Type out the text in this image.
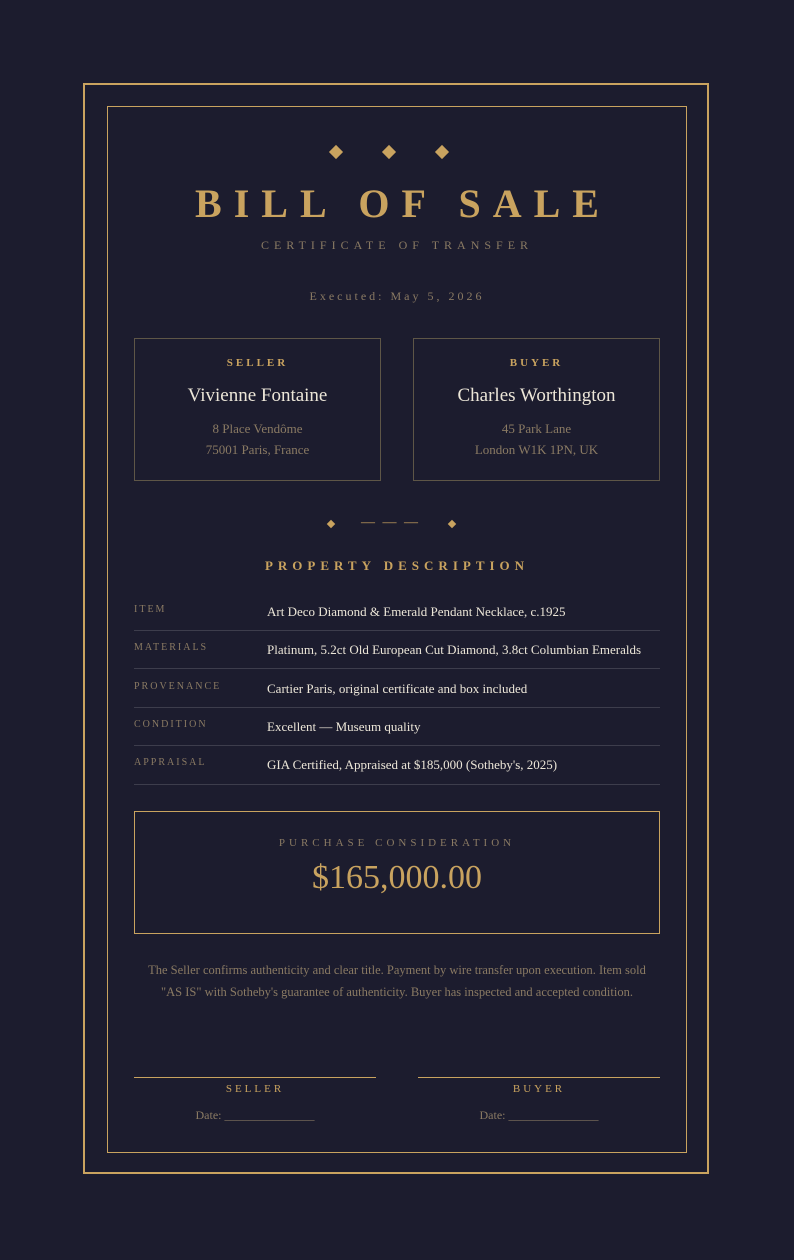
BILL OF SALE
CERTIFICATE OF TRANSFER
Executed: May 5, 2026
SELLER
Vivienne Fontaine
8 Place Vendôme
75001 Paris, France
BUYER
Charles Worthington
45 Park Lane
London W1K 1PN, UK
— — —
PROPERTY DESCRIPTION
ITEM	Art Deco Diamond & Emerald Pendant Necklace, c.1925
MATERIALS	Platinum, 5.2ct Old European Cut Diamond, 3.8ct Columbian Emeralds
PROVENANCE	Cartier Paris, original certificate and box included
CONDITION	Excellent — Museum quality
APPRAISAL	GIA Certified, Appraised at $185,000 (Sotheby's, 2025)
PURCHASE CONSIDERATION
$165,000.00
The Seller confirms authenticity and clear title. Payment by wire transfer upon execution. Item sold
"AS IS" with Sotheby's guarantee of authenticity. Buyer has inspected and accepted condition.
SELLER
Date: _______________
BUYER
Date: _______________
